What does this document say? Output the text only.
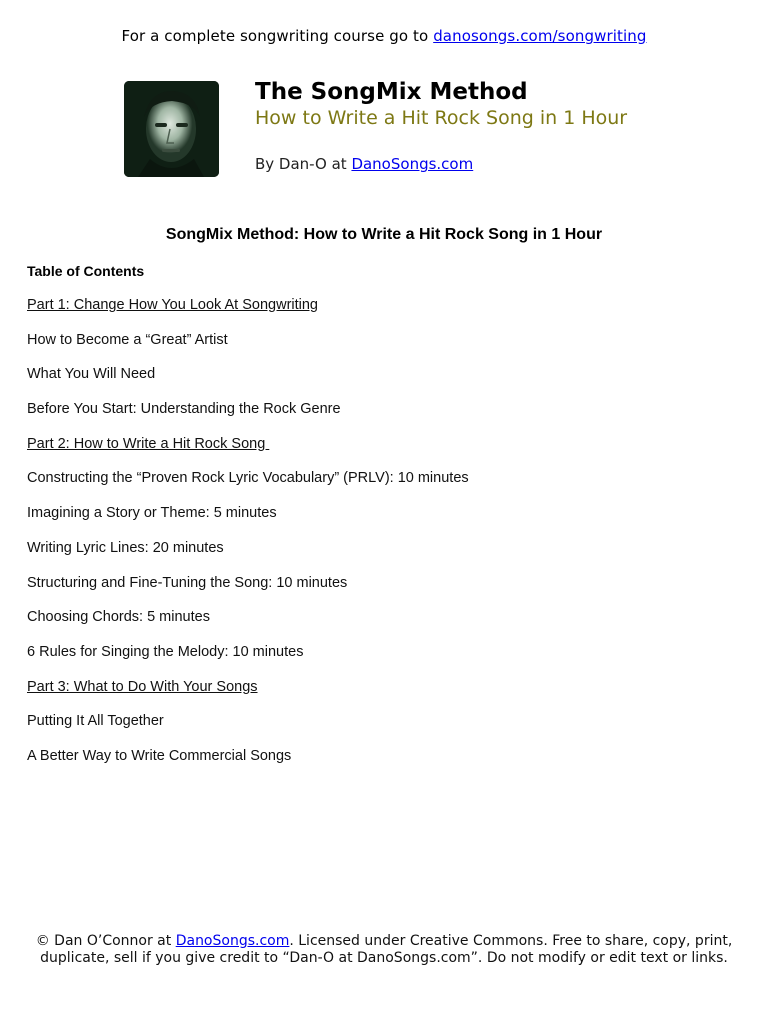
For a complete songwriting course go to danosongs.com/songwriting
The SongMix Method
How to Write a Hit Rock Song in 1 Hour
By Dan-O at DanoSongs.com
SongMix Method: How to Write a Hit Rock Song in 1 Hour
Table of Contents
Part 1: Change How You Look At Songwriting
How to Become a “Great” Artist
What You Will Need
Before You Start: Understanding the Rock Genre
Part 2: How to Write a Hit Rock Song
Constructing the “Proven Rock Lyric Vocabulary” (PRLV): 10 minutes
Imagining a Story or Theme: 5 minutes
Writing Lyric Lines: 20 minutes
Structuring and Fine-Tuning the Song: 10 minutes
Choosing Chords: 5 minutes
6 Rules for Singing the Melody: 10 minutes
Part 3: What to Do With Your Songs
Putting It All Together
A Better Way to Write Commercial Songs
© Dan O’Connor at DanoSongs.com. Licensed under Creative Commons. Free to share, copy, print, duplicate, sell if you give credit to “Dan-O at DanoSongs.com”. Do not modify or edit text or links.
